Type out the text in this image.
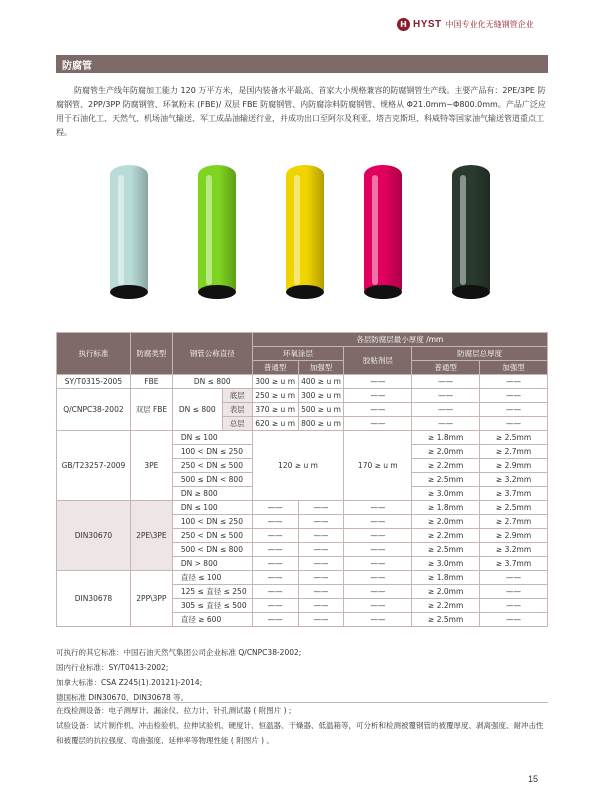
H HYST 中国专业化无缝钢管企业
防腐管

防腐管生产线年防腐加工能力 120 万平方米，是国内装备水平最高、首家大小规格兼容的防腐钢管生产线。主要产品有：2PE/3PE 防腐钢管、2PP/3PP 防腐钢管、环氧粉末 (FBE)/ 双层 FBE 防腐钢管、内防腐涂料防腐钢管、规格从 Φ21.0mm~Φ800.0mm。产品广泛应用于石油化工、天然气、机场油气输送、军工成品油输送行业，并成功出口至阿尔及利亚、塔吉克斯坦、科威特等国家油气输送管道重点工程。

执行标准	防腐类型	钢管公称直径		各层防腐层最小厚度 /mm				
				环氧涂层		胶粘剂层	防腐层总厚度	
				普通型	加强型		普通型	加强型
SY/T0315-2005	FBE	DN ≤ 800		300 ≥ u m	400 ≥ u m	——	——	——
Q/CNPC38-2002	双层 FBE	DN ≤ 800	底层	250 ≥ u m	300 ≥ u m	——	——	——
			表层	370 ≥ u m	500 ≥ u m	——	——	——
			总层	620 ≥ u m	800 ≥ u m	——	——	——
GB/T23257-2009	3PE	DN ≤ 100		120 ≥ u m		170 ≥ u m	≥ 1.8mm	≥ 2.5mm
		100 < DN ≤ 250					≥ 2.0mm	≥ 2.7mm
		250 < DN ≤ 500					≥ 2.2mm	≥ 2.9mm
		500 ≤ DN < 800					≥ 2.5mm	≥ 3.2mm
		DN ≥ 800					≥ 3.0mm	≥ 3.7mm
DIN30670	2PE\3PE	DN ≤ 100		——	——	——	≥ 1.8mm	≥ 2.5mm
		100 < DN ≤ 250		——	——	——	≥ 2.0mm	≥ 2.7mm
		250 < DN ≤ 500		——	——	——	≥ 2.2mm	≥ 2.9mm
		500 < DN ≤ 800		——	——	——	≥ 2.5mm	≥ 3.2mm
		DN > 800		——	——	——	≥ 3.0mm	≥ 3.7mm
DIN30678	2PP\3PP	直径 ≤ 100		——	——	——	≥ 1.8mm	——
		125 ≤ 直径 ≤ 250		——	——	——	≥ 2.0mm	——
		305 ≤ 直径 ≤ 500		——	——	——	≥ 2.2mm	——
		直径 ≥ 600		——	——	——	≥ 2.5mm	——
可执行的其它标准：中国石油天然气集团公司企业标准 Q/CNPC38-2002;
国内行业标准：SY/T0413-2002;
加拿大标准：CSA Z245(1).20121)-2014;
德国标准 DIN30670、DIN30678 等。
在线检测设备：电子测厚计、漏涂仪、拉力计、针孔测试器 ( 附图片 ) ;
试验设备：试片制作机、冲击检验机、拉伸试验机、硬度计、恒温器、干燥器、低温箱等，可分析和检测被覆钢管的被覆厚度、剥离强度、耐冲击性和被覆层的抗拉强度、弯曲强度、延伸率等物理性能 ( 附图片 ) 。
15
